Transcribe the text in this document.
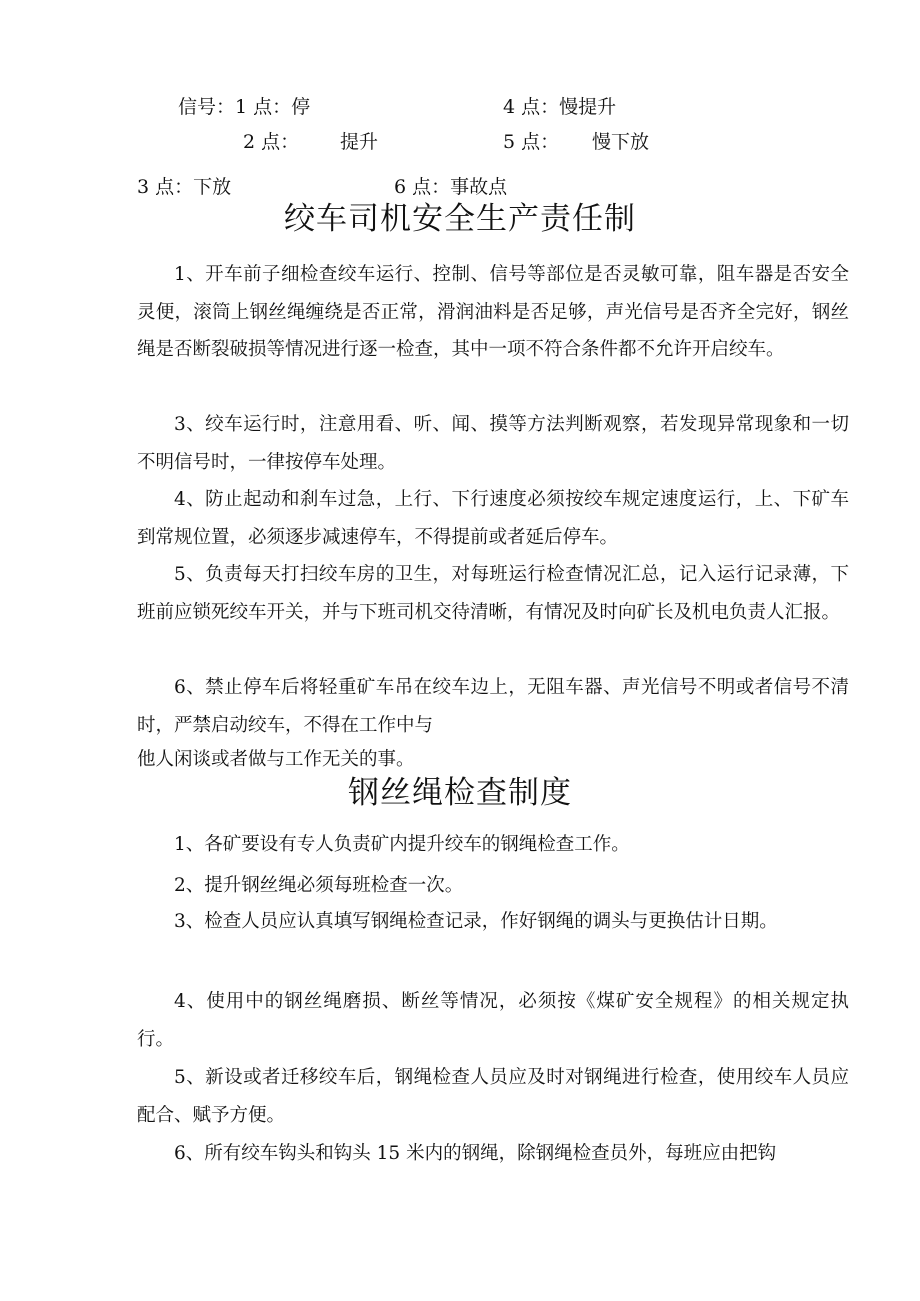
信号：1 点：停	4 点：慢提升
2 点： 提升	5 点： 慢下放
3 点：下放	6 点：事故点
绞车司机安全生产责任制

1、开车前子细检查绞车运行、控制、信号等部位是否灵敏可靠，阻车器是否安全灵便，滚筒上钢丝绳缠绕是否正常，滑润油料是否足够，声光信号是否齐全完好，钢丝绳是否断裂破损等情况进行逐一检查，其中一项不符合条件都不允许开启绞车。

3、绞车运行时，注意用看、听、闻、摸等方法判断观察，若发现异常现象和一切不明信号时，一律按停车处理。

4、防止起动和刹车过急，上行、下行速度必须按绞车规定速度运行，上、下矿车到常规位置，必须逐步减速停车，不得提前或者延后停车。

5、负责每天打扫绞车房的卫生，对每班运行检查情况汇总，记入运行记录薄，下班前应锁死绞车开关，并与下班司机交待清晰，有情况及时向矿长及机电负责人汇报。

6、禁止停车后将轻重矿车吊在绞车边上，无阻车器、声光信号不明或者信号不清时，严禁启动绞车，不得在工作中与

他人闲谈或者做与工作无关的事。

钢丝绳检查制度

1、各矿要设有专人负责矿内提升绞车的钢绳检查工作。

2、提升钢丝绳必须每班检查一次。

3、检查人员应认真填写钢绳检查记录，作好钢绳的调头与更换估计日期。

4、使用中的钢丝绳磨损、断丝等情况，必须按《煤矿安全规程》的相关规定执行。

5、新设或者迁移绞车后，钢绳检查人员应及时对钢绳进行检查，使用绞车人员应配合、赋予方便。

6、所有绞车钩头和钩头 15 米内的钢绳，除钢绳检查员外，每班应由把钩
